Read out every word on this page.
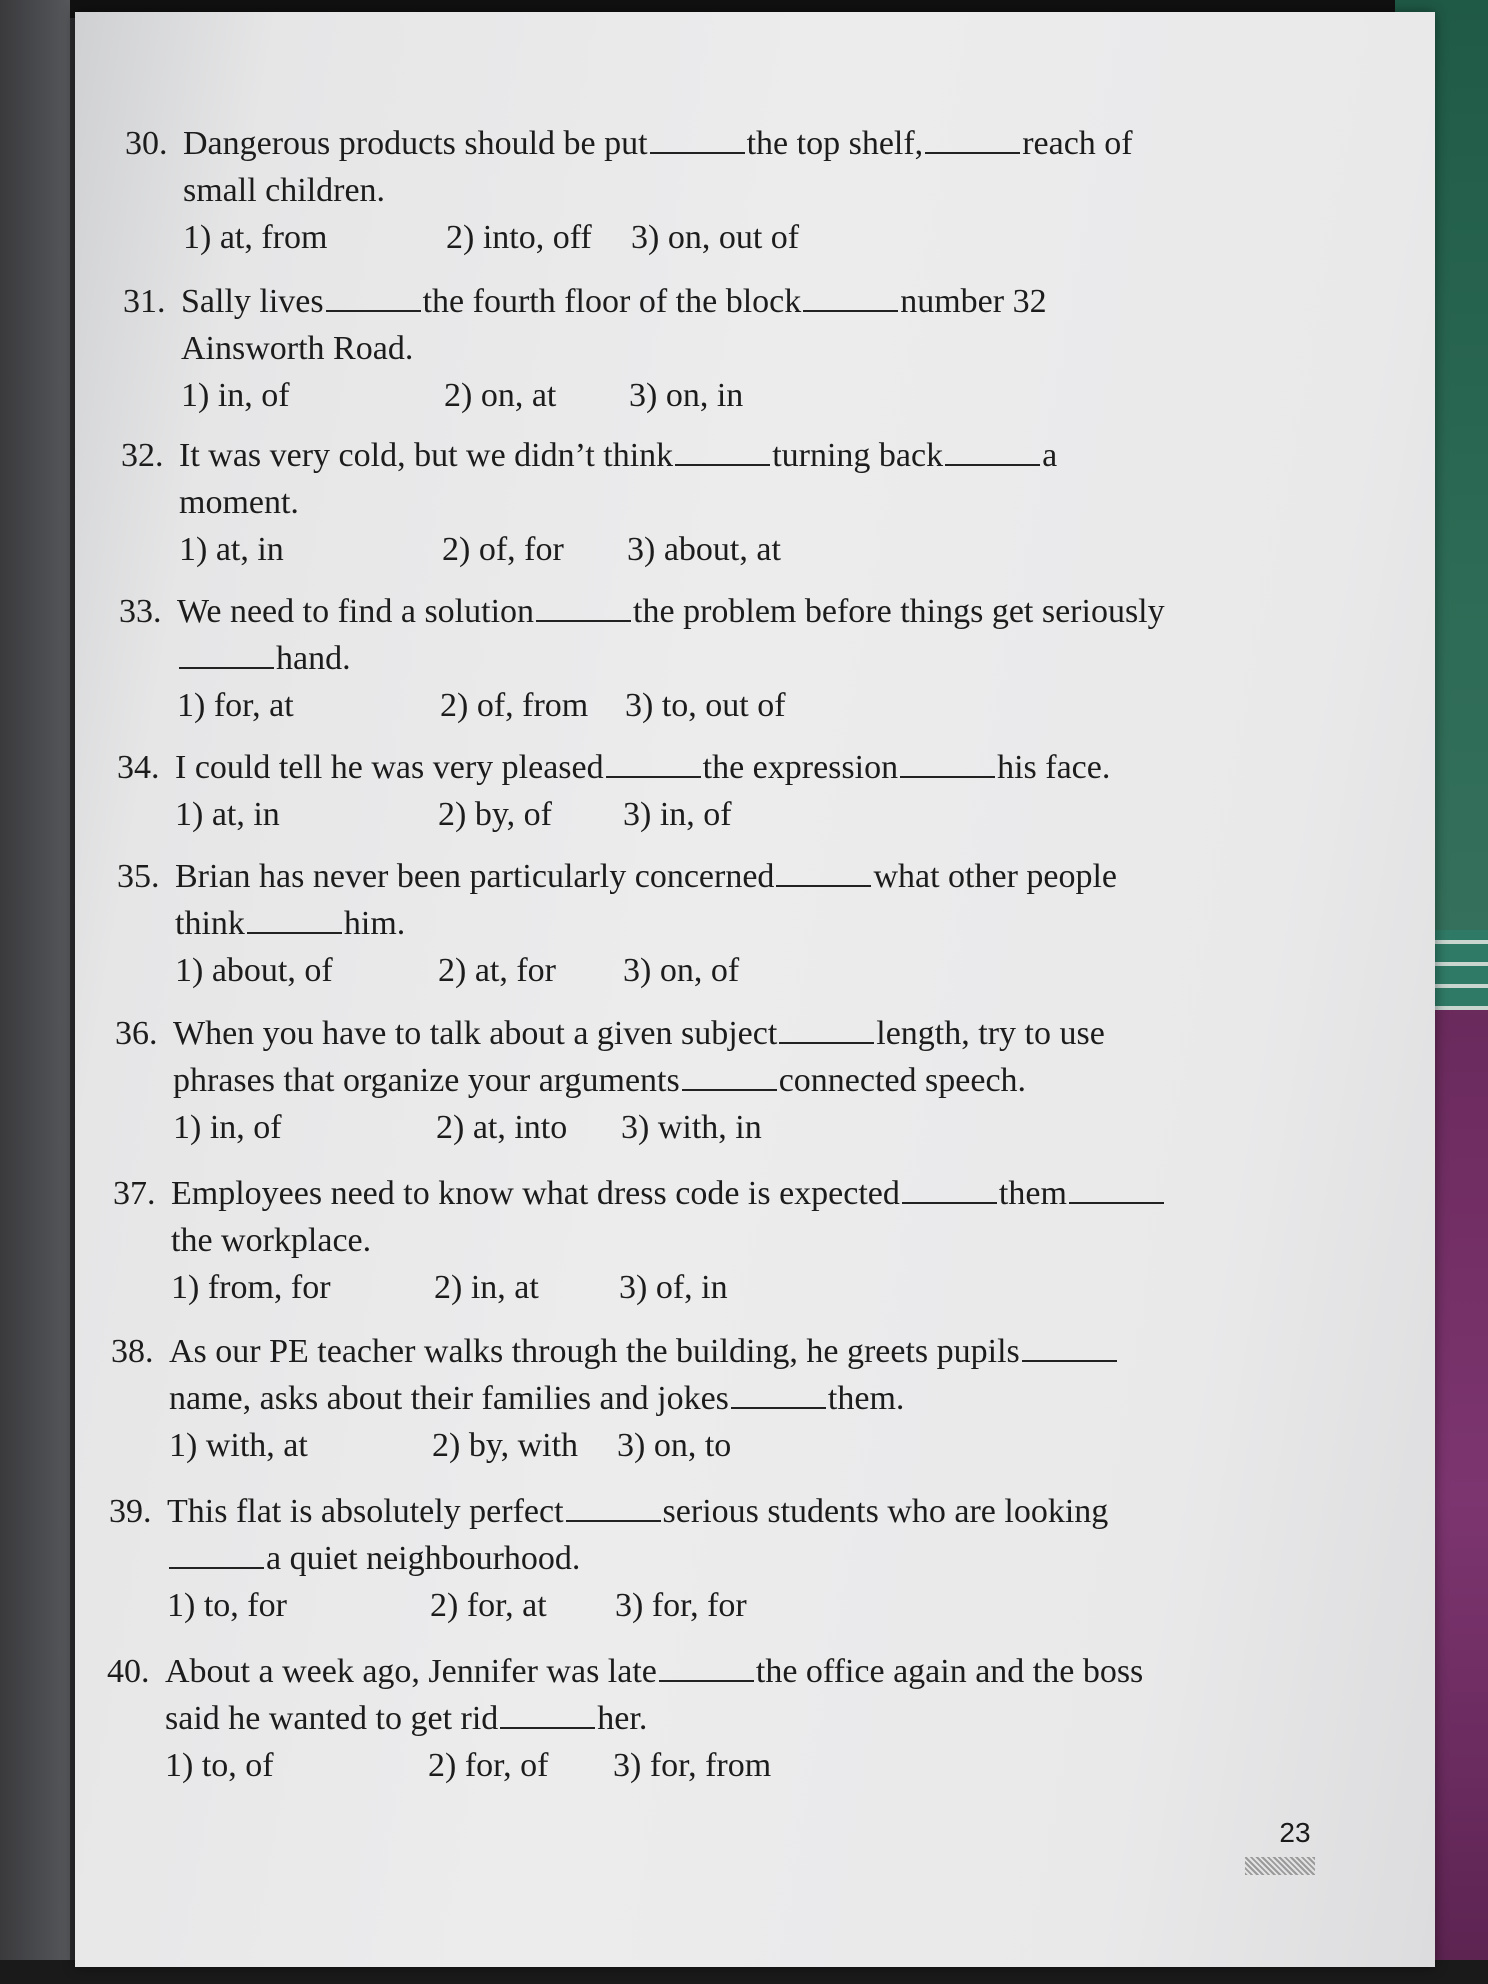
30. Dangerous products should be put	the top shelf,	reach of
small children.
1) at, from	2) into, off 3) on, out of
31. Sally lives	the fourth floor of the block	number 32
Ainsworth Road.
1) in, of	2) on, at 3) on, in
32. It was very cold, but we didn’t think	turning back	a
moment.
1) at, in	2) of, for 3) about, at
33. We need to find a solution	the problem before things get seriously
hand.
1) for, at	2) of, from 3) to, out of
34. I could tell he was very pleased	the expression	his face.
1) at, in	2) by, of 3) in, of
35. Brian has never been particularly concerned	what other people
think	him.
1) about, of	2) at, for 3) on, of
36. When you have to talk about a given subject	length, try to use
phrases that organize your arguments	connected speech.
1) in, of	2) at, into 3) with, in
37. Employees need to know what dress code is expected	them
the workplace.
1) from, for	2) in, at 3) of, in
38. As our PE teacher walks through the building, he greets pupils
name, asks about their families and jokes	them.
1) with, at	2) by, with 3) on, to
39. This flat is absolutely perfect	serious students who are looking
a quiet neighbourhood.
1) to, for	2) for, at 3) for, for
40. About a week ago, Jennifer was late	the office again and the boss
said he wanted to get rid	her.
1) to, of	2) for, of 3) for, from
23
